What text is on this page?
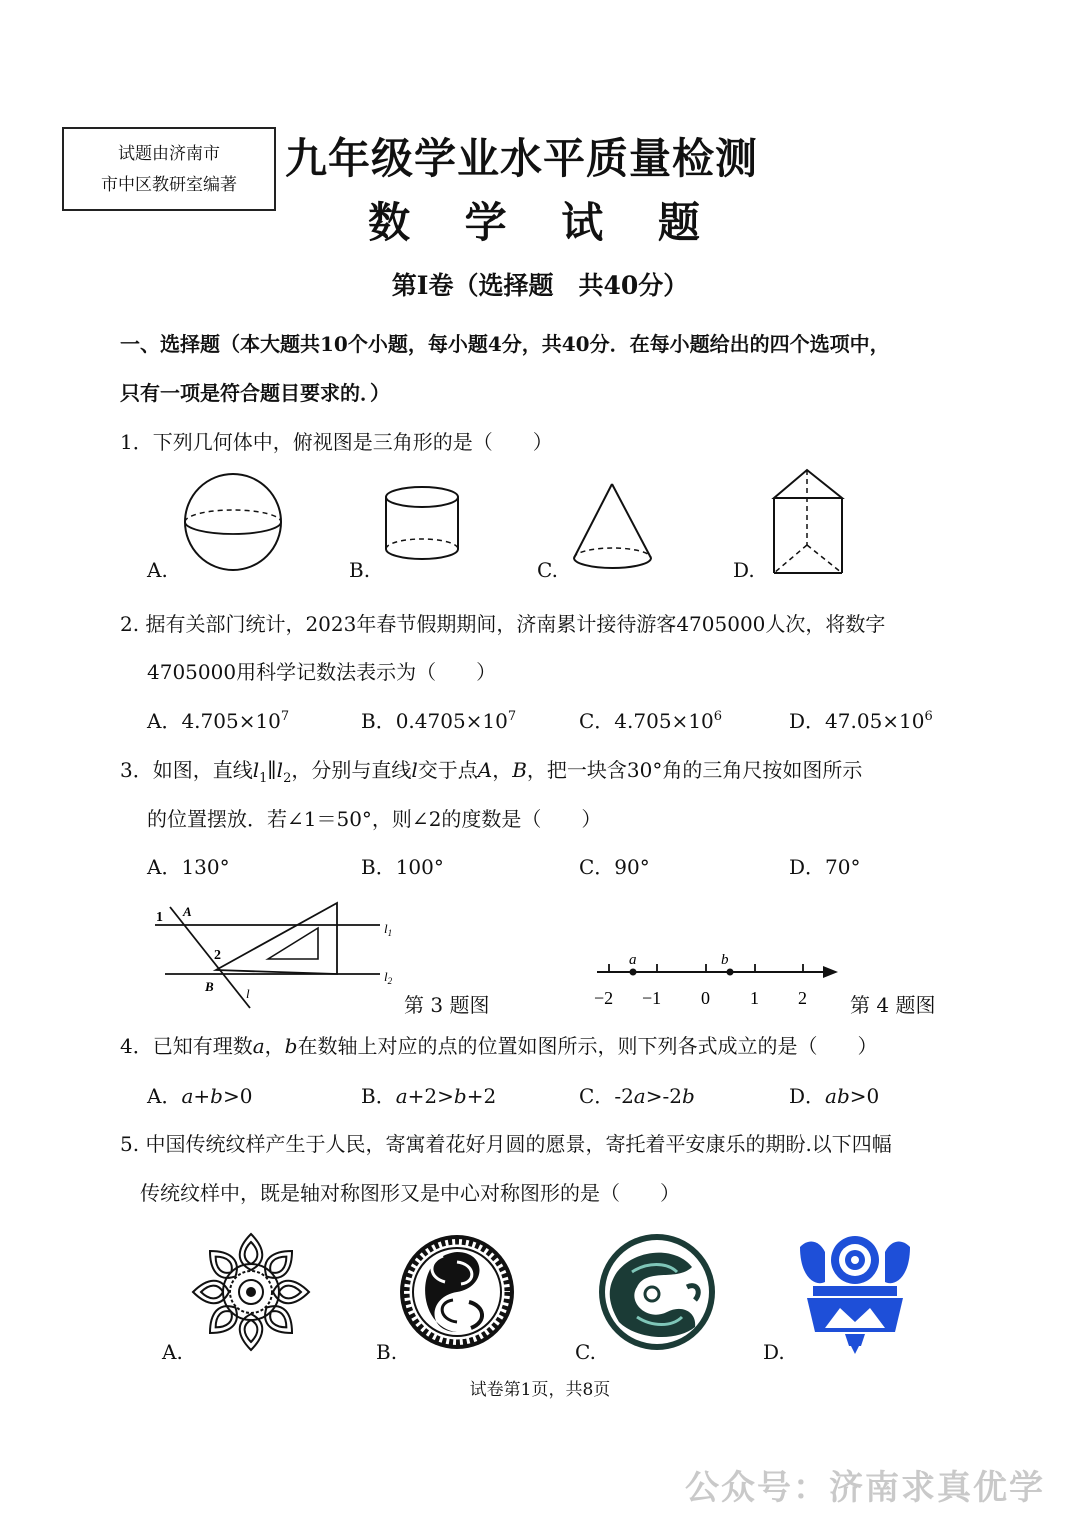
试题由济南市
市中区教研室编著
九年级学业水平质量检测
数 学 试 题
第I卷（选择题　共40分）
一、选择题（本大题共10个小题，每小题4分，共40分．在每小题给出的四个选项中，
只有一项是符合题目要求的．）
1．下列几何体中，俯视图是三角形的是（　　）
A.	B.	C.	D.
2. 据有关部门统计，2023年春节假期期间，济南累计接待游客4705000人次，将数字
4705000用科学记数法表示为（　　）
A．$4.705\times 10^7$	B．$0.4705\times 10^7$	C．$4.705\times 10^6$	D．$47.05\times 10^6$
3．如图，直线$l_1\parallel l_2$，分别与直线l交于点A，B，把一块含30°角的三角尺按如图所示
的位置摆放．若∠1＝50°，则∠2的度数是（　　）
A．130°	B．100°	C．90°	D．70°
1 A
2
B l
$l_1$
$l_2$
第 3 题图
a	b
−2 −1 0 1 2 第 4 题图
4．已知有理数a，b在数轴上对应的点的位置如图所示，则下列各式成立的是（　　）
A．a+b>0	B．a+2>b+2	C．-2a>-2b	D．ab>0
5. 中国传统纹样产生于人民，寄寓着花好月圆的愿景，寄托着平安康乐的期盼.以下四幅
传统纹样中，既是轴对称图形又是中心对称图形的是（　　）
A.	B.	C.	D.
试卷第1页，共8页
公众号：济南求真优学
